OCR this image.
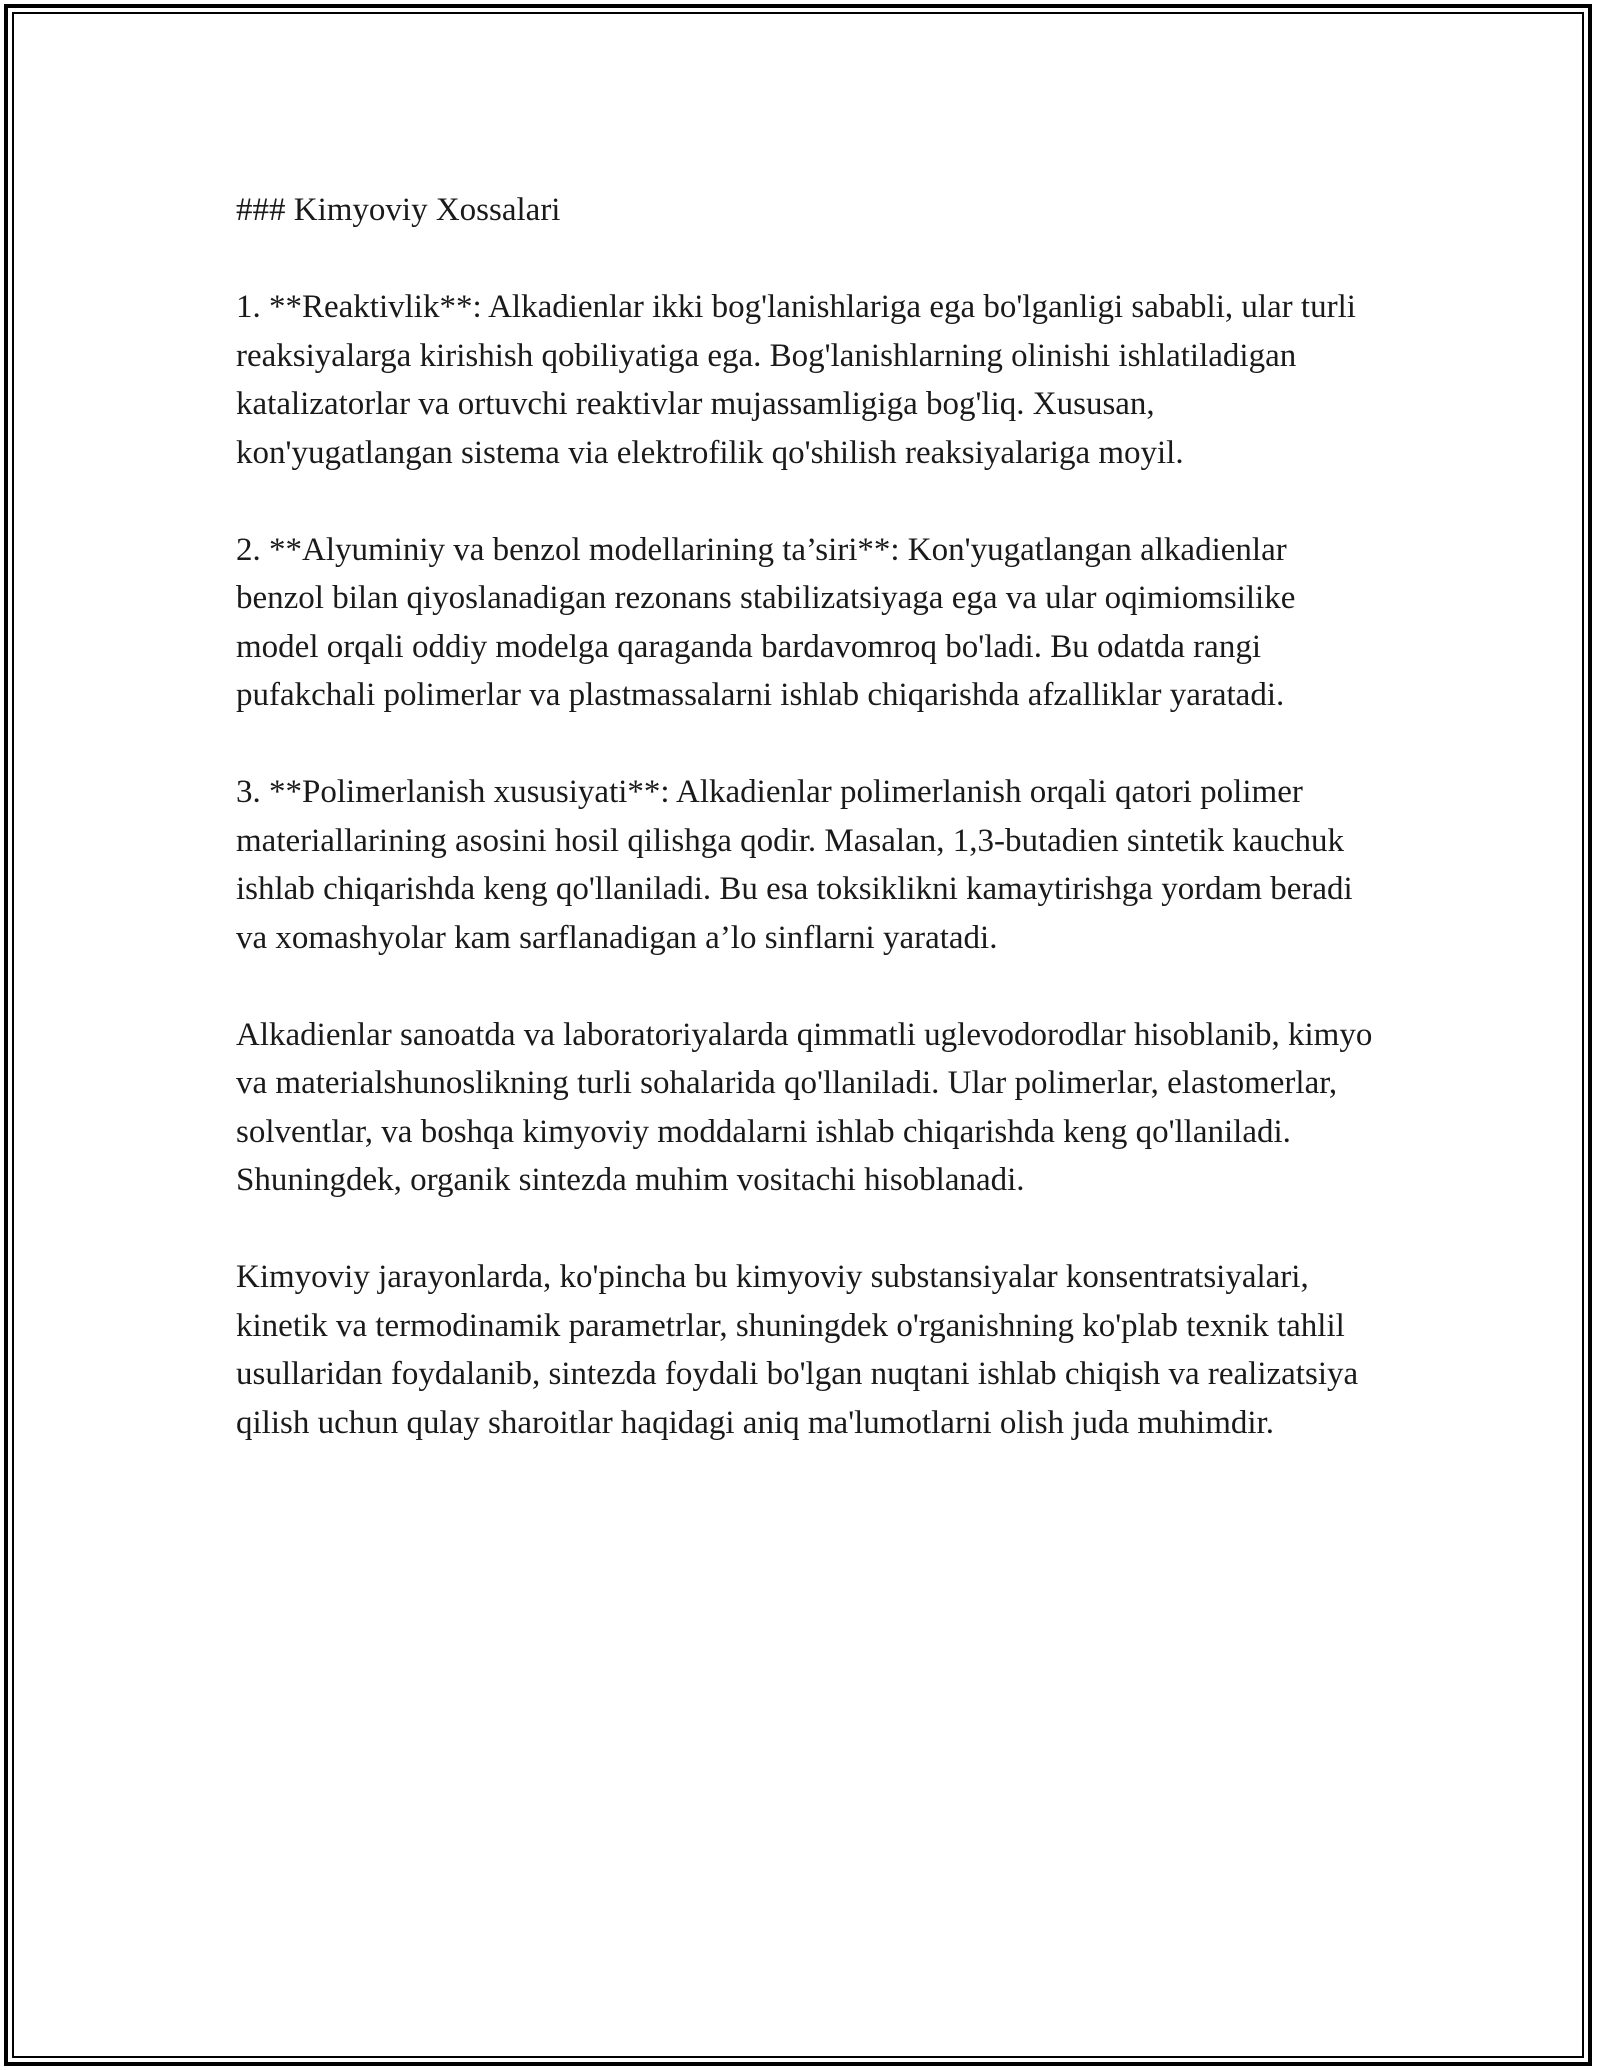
### Kimyoviy Xossalari

1. **Reaktivlik**: Alkadienlar ikki bog'lanishlariga ega bo'lganligi sababli, ular turli reaksiyalarga kirishish qobiliyatiga ega. Bog'lanishlarning olinishi ishlatiladigan katalizatorlar va ortuvchi reaktivlar mujassamligiga bog'liq. Xususan, kon'yugatlangan sistema via elektrofilik qo'shilish reaksiyalariga moyil.

2. **Alyuminiy va benzol modellarining ta’siri**: Kon'yugatlangan alkadienlar benzol bilan qiyoslanadigan rezonans stabilizatsiyaga ega va ular oqimiomsilike model orqali oddiy modelga qaraganda bardavomroq bo'ladi. Bu odatda rangi pufakchali polimerlar va plastmassalarni ishlab chiqarishda afzalliklar yaratadi.

3. **Polimerlanish xususiyati**: Alkadienlar polimerlanish orqali qatori polimer materiallarining asosini hosil qilishga qodir. Masalan, 1,3-butadien sintetik kauchuk ishlab chiqarishda keng qo'llaniladi. Bu esa toksiklikni kamaytirishga yordam beradi va xomashyolar kam sarflanadigan a’lo sinflarni yaratadi.

Alkadienlar sanoatda va laboratoriyalarda qimmatli uglevodorodlar hisoblanib, kimyo va materialshunoslikning turli sohalarida qo'llaniladi. Ular polimerlar, elastomerlar, solventlar, va boshqa kimyoviy moddalarni ishlab chiqarishda keng qo'llaniladi. Shuningdek, organik sintezda muhim vositachi hisoblanadi.

Kimyoviy jarayonlarda, ko'pincha bu kimyoviy substansiyalar konsentratsiyalari, kinetik va termodinamik parametrlar, shuningdek o'rganishning ko'plab texnik tahlil usullaridan foydalanib, sintezda foydali bo'lgan nuqtani ishlab chiqish va realizatsiya qilish uchun qulay sharoitlar haqidagi aniq ma'lumotlarni olish juda muhimdir.
